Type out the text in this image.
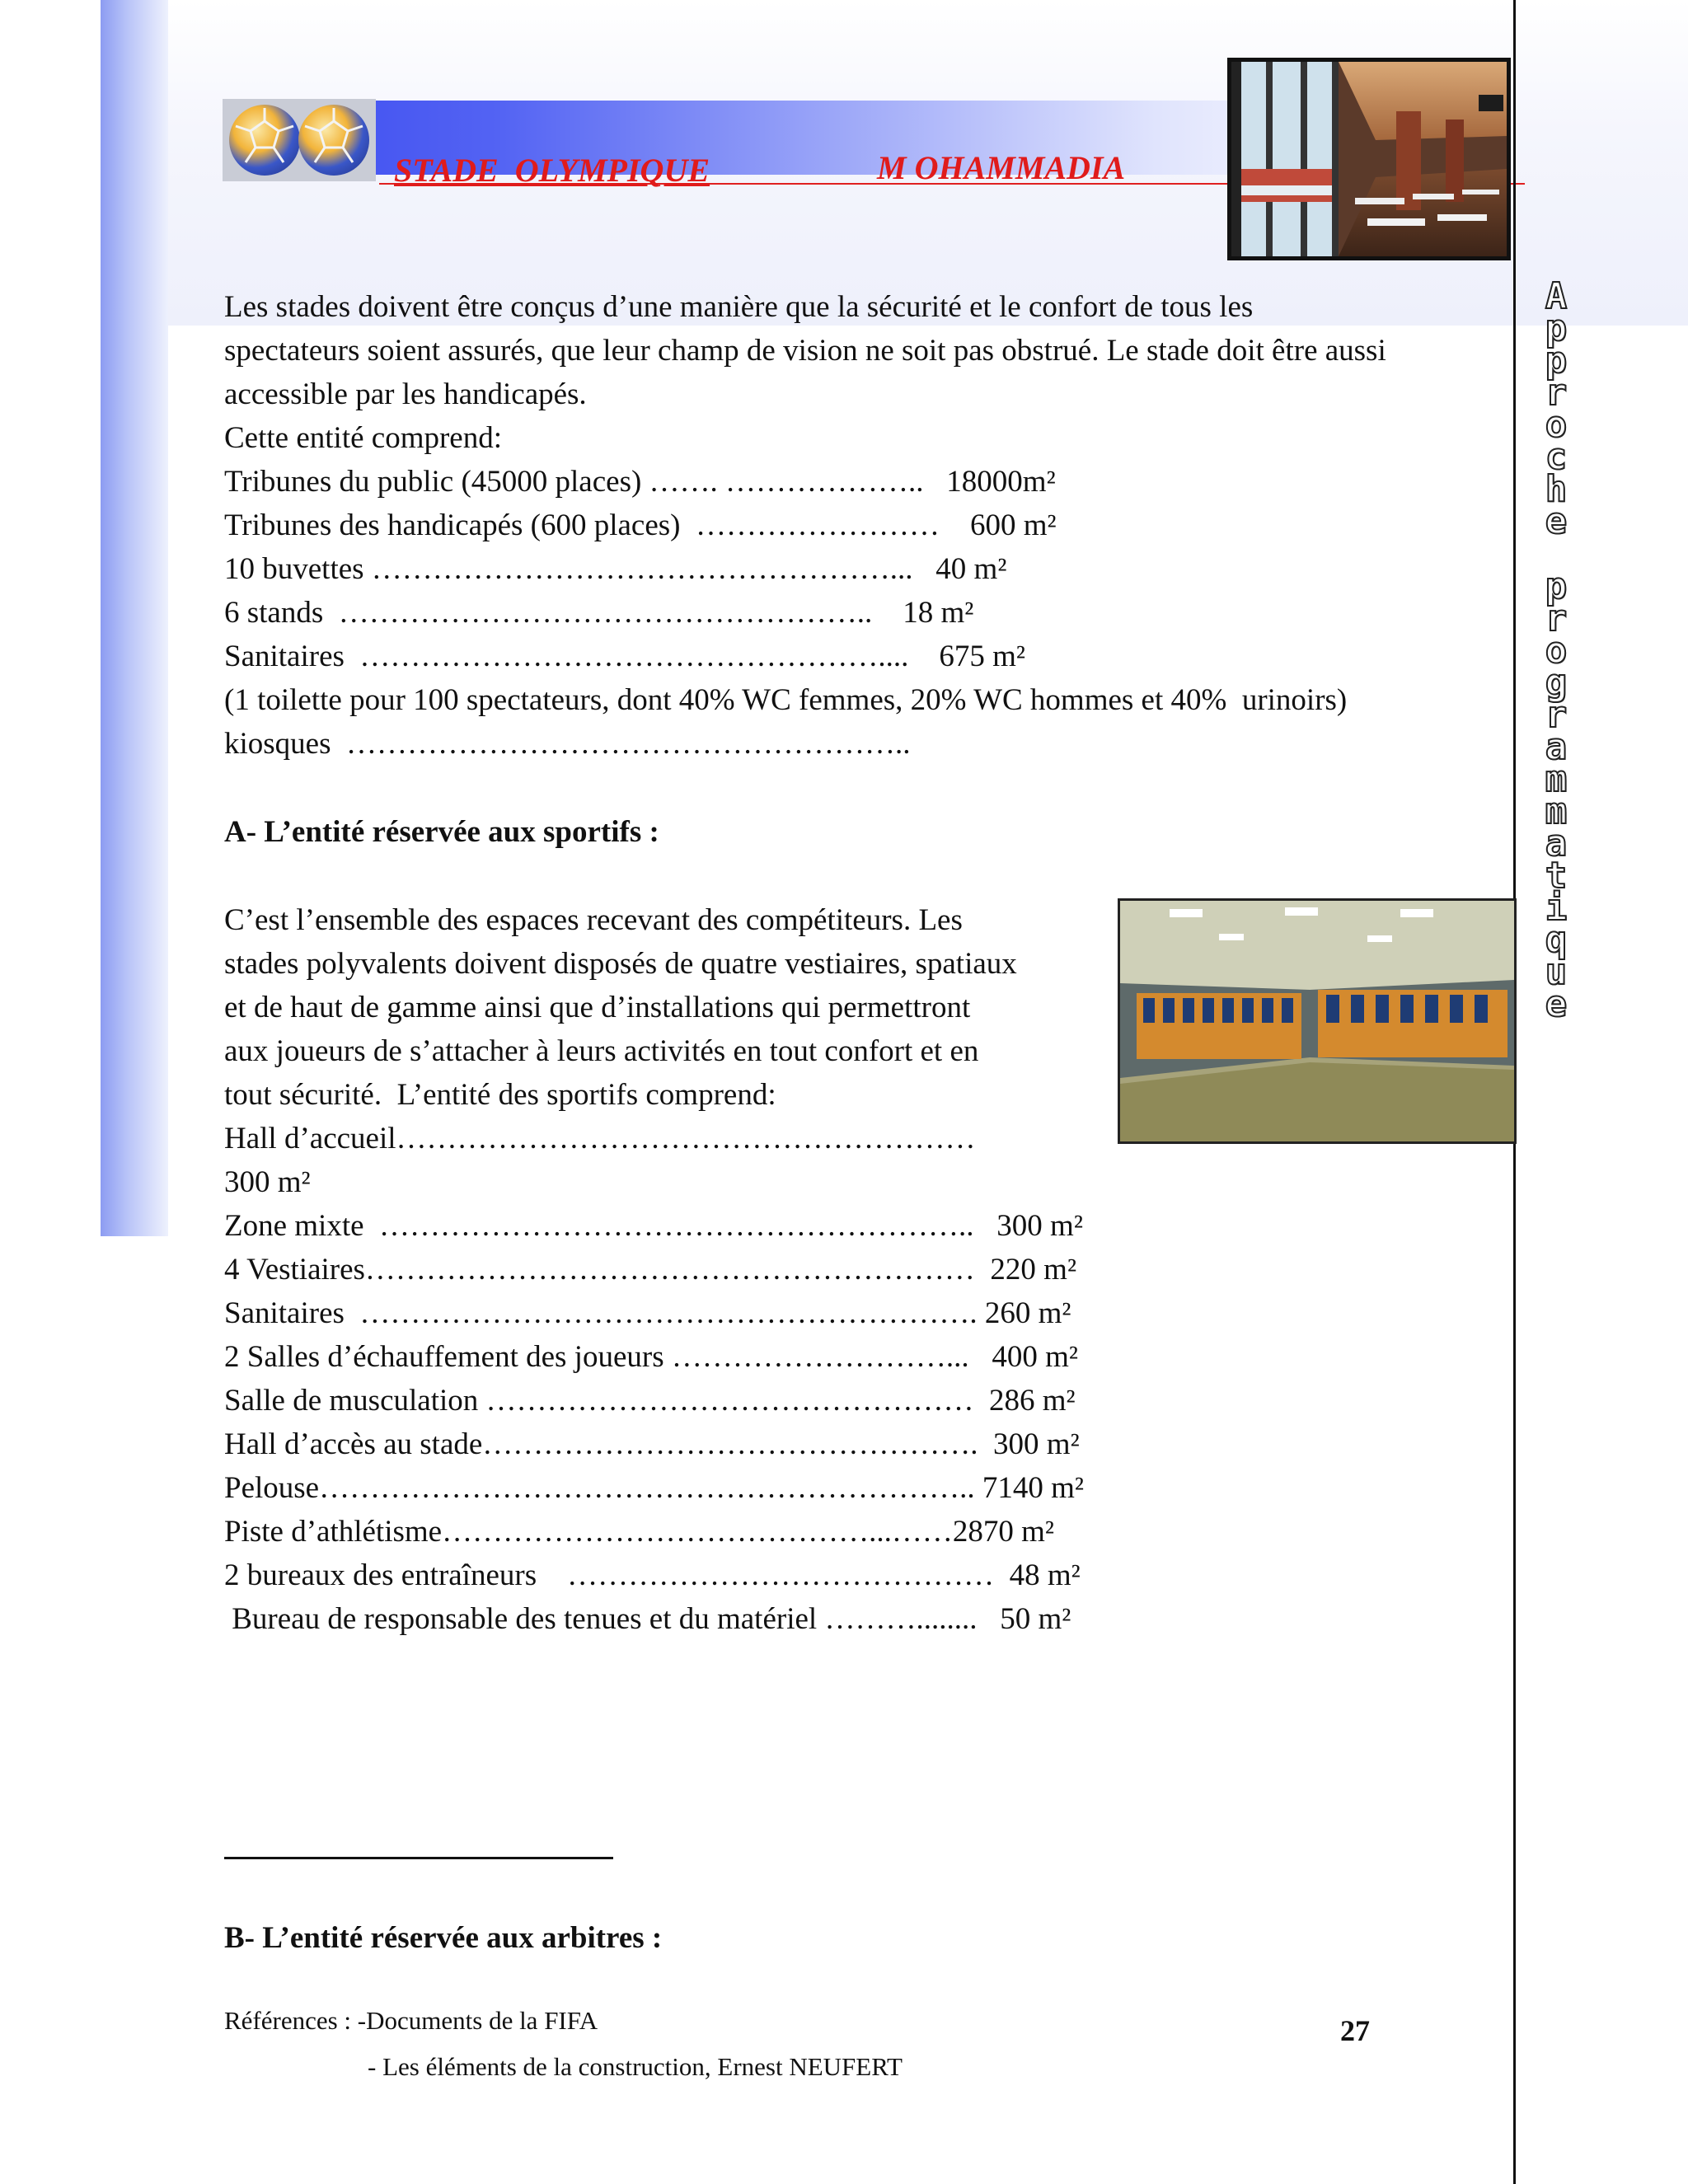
STADE  OLYMPIQUE	M OHAMMADIA
A
p
p
r
o
c
h
e
p
r
o
g
r
a
m
m
a
t
i
q
u
e
Les stades doivent être conçus d’une manière que la sécurité et le confort de tous les
spectateurs soient assurés, que leur champ de vision ne soit pas obstrué. Le stade doit être aussi
accessible par les handicapés.
Cette entité comprend:
Tribunes du public (45000 places) ……. ………………..   18000m²
Tribunes des handicapés (600 places)  ……………………    600 m²
10 buvettes ……………………………………………...   40 m²
6 stands  ……………………………………………..    18 m²
Sanitaires  ……………………………………………....    675 m²
(1 toilette pour 100 spectateurs, dont 40% WC femmes, 20% WC hommes et 40%  urinoirs)
kiosques  ………………………………………………..
A- L’entité réservée aux sportifs :
C’est l’ensemble des espaces recevant des compétiteurs. Les
stades polyvalents doivent disposés de quatre vestiaires, spatiaux
et de haut de gamme ainsi que d’installations qui permettront
aux joueurs de s’attacher à leurs activités en tout confort et en
tout sécurité.  L’entité des sportifs comprend:
Hall d’accueil…………………………………………………
300 m²
Zone mixte  …………………………………………………..   300 m²
4 Vestiaires……………………………………………………  220 m²
Sanitaires  ……………………………………………………. 260 m²
2 Salles d’échauffement des joueurs ………………………...   400 m²
Salle de musculation …………………………………………  286 m²
Hall d’accès au stade………………………………………….  300 m²
Pelouse……………………………………………………….. 7140 m²
Piste d’athlétisme……………………………………...……2870 m²
2 bureaux des entraîneurs    ……………………………………  48 m²
Bureau de responsable des tenues et du matériel ………........   50 m²
B- L’entité réservée aux arbitres :
Références : -Documents de la FIFA
- Les éléments de la construction, Ernest NEUFERT
27
